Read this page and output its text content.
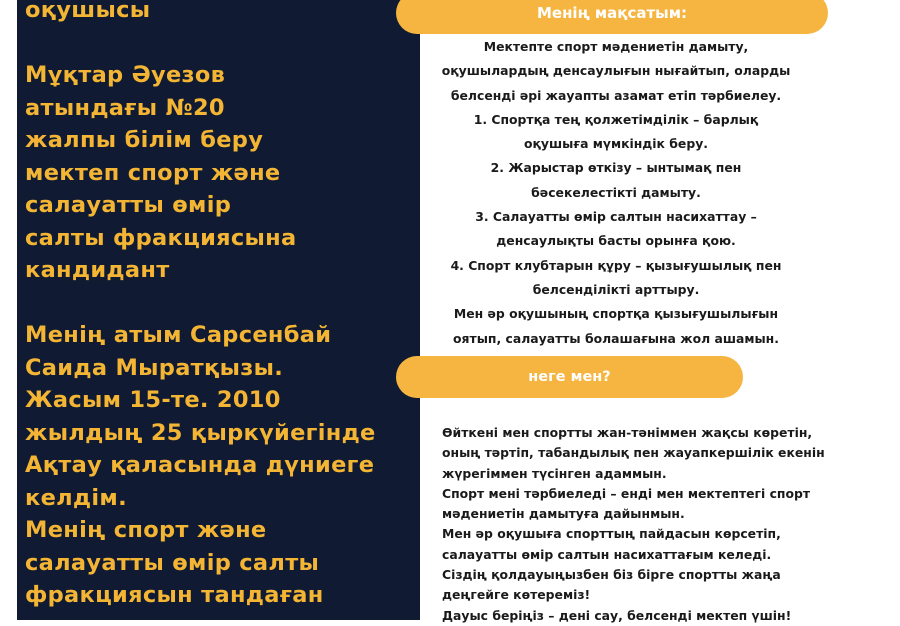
оқушысы
Мұқтар Әуезов
атындағы №20
жалпы білім беру
мектеп спорт және
салауатты өмір
салты фракциясына
кандидант
Менің атым Сарсенбай
Саида Мыратқызы.
Жасым 15-те. 2010
жылдың 25 қыркүйегінде
Ақтау қаласында дүниеге
келдім.
Менің спорт және
салауатты өмір салты
фракциясын тандаған
Менің мақсатым:
Мектепте спорт мәдениетін дамыту,
оқушылардың денсаулығын нығайтып, оларды
белсенді әрі жауапты азамат етіп тәрбиелеу.
1. Спортқа тең қолжетімділік – барлық
оқушыға мүмкіндік беру.
2. Жарыстар өткізу – ынтымақ пен
бәсекелестікті дамыту.
3. Салауатты өмір салтын насихаттау –
денсаулықты басты орынға қою.
4. Спорт клубтарын құру – қызығушылық пен
белсенділікті арттыру.
Мен әр оқушының спортқа қызығушылығын
оятып, салауатты болашағына жол ашамын.
неге мен?
Өйткені мен спортты жан-тәніммен жақсы көретін,
оның тәртіп, табандылық пен жауапкершілік екенін
жүрегіммен түсінген адаммын.
Спорт мені тәрбиеледі – енді мен мектептегі спорт
мәдениетін дамытуға дайынмын.
Мен әр оқушыға спорттың пайдасын көрсетіп,
салауатты өмір салтын насихаттағым келеді.
Сіздің қолдауыңызбен біз бірге спортты жаңа
деңгейге көтереміз!
Дауыс беріңіз – дені сау, белсенді мектеп үшін!
